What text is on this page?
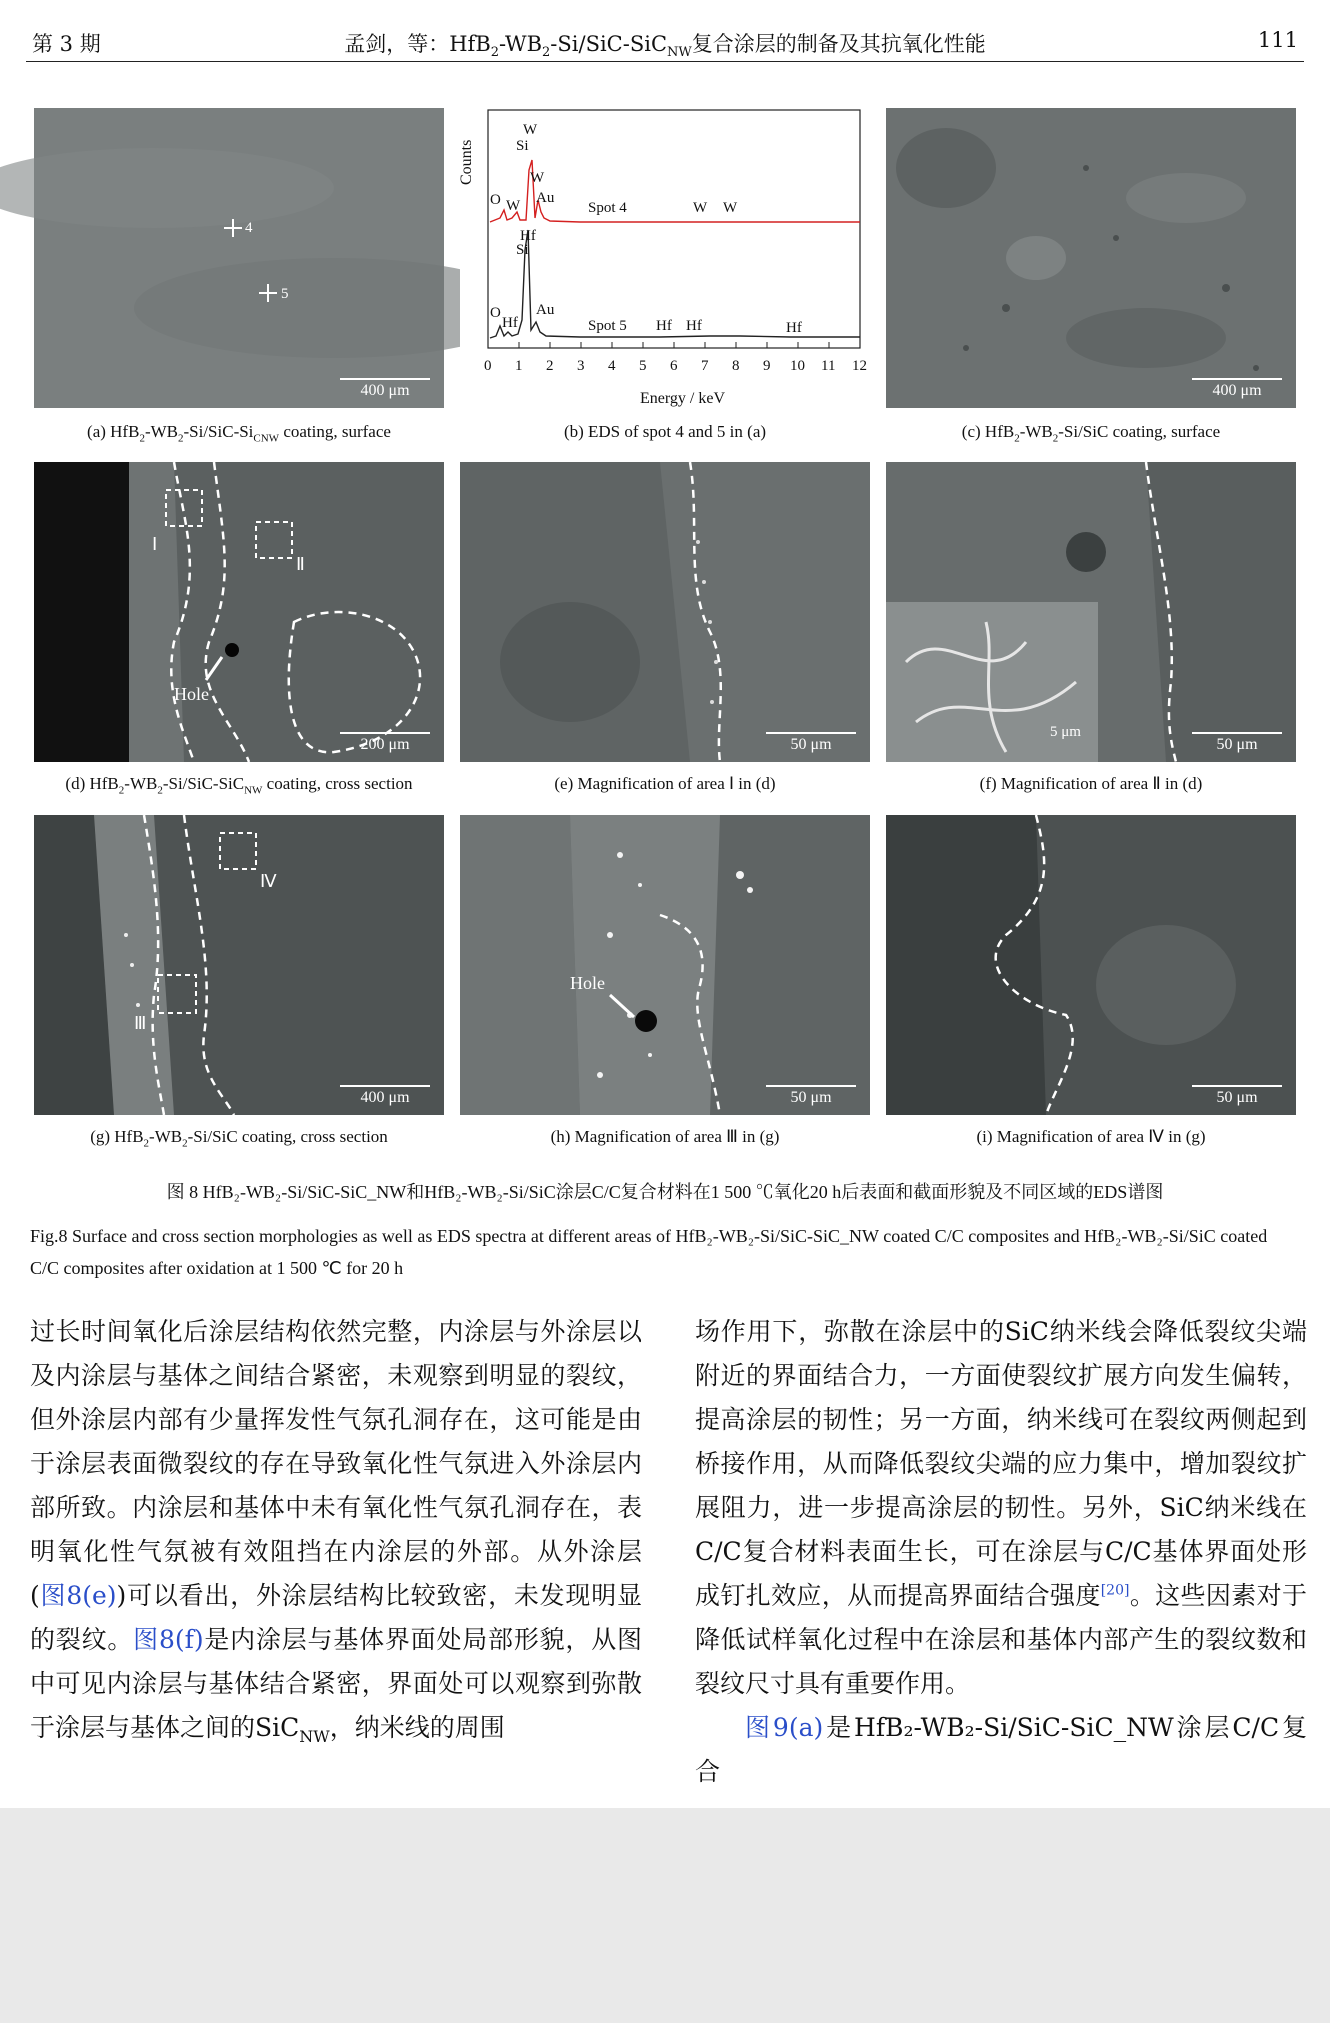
第 3 期	孟剑，等：$HfB_2-WB_2-Si/SiC-SiC_{NW}$复合涂层的制备及其抗氧化性能	111
4
5
400 μm
Counts
W
Si
W
O W Au
Spot 4	W W
Hf
Si
O
Hf
Au
Spot 5 Hf Hf	Hf
0 1 2 3 4 5 6 7 8 9 10 11 12
Energy / keV	400 μm
(a) $HfB_2-WB_2-Si/SiC-Si_{CNW}$ coating, surface	(b) EDS of spot 4 and 5 in (a)	(c) $HfB_2-WB_2-Si$/SiC coating, surface
Ⅰ
Ⅱ
Hole
200 μm	50 μm
5 μm
50 μm
(d) $HfB_2-WB_2-Si/SiC-SiC_{NW}$ coating, cross section	(e) Magnification of area Ⅰ in (d)	(f) Magnification of area Ⅱ in (d)
Ⅳ
Ⅲ
400 μm
Hole
50 μm	50 μm
(g) $HfB_2-WB_2-Si$/SiC coating, cross section	(h) Magnification of area Ⅲ in (g)	(i) Magnification of area Ⅳ in (g)
图 8 HfB₂-WB₂-Si/SiC-SiC_NW和HfB₂-WB₂-Si/SiC涂层C/C复合材料在1 500 ℃氧化20 h后表面和截面形貌及不同区域的EDS谱图
Fig.8 Surface and cross section morphologies as well as EDS spectra at different areas of HfB₂-WB₂-Si/SiC-SiC_NW coated C/C composites and HfB₂-WB₂-Si/SiC coated C/C composites after oxidation at 1 500 ℃ for 20 h

过长时间氧化后涂层结构依然完整，内涂层与外涂层以及内涂层与基体之间结合紧密，未观察到明显的裂纹，但外涂层内部有少量挥发性气氛孔洞存在，这可能是由于涂层表面微裂纹的存在导致氧化性气氛进入外涂层内部所致。内涂层和基体中未有氧化性气氛孔洞存在，表明氧化性气氛被有效阻挡在内涂层的外部。从外涂层 (图8(e))可以看出，外涂层结构比较致密，未发现明显的裂纹。图8(f)是内涂层与基体界面处局部形貌，从图中可见内涂层与基体结合紧密，界面处可以观察到弥散于涂层与基体之间的SiC$_{NW}$，纳米线的周围

场作用下，弥散在涂层中的SiC纳米线会降低裂纹尖端附近的界面结合力，一方面使裂纹扩展方向发生偏转，提高涂层的韧性；另一方面，纳米线可在裂纹两侧起到桥接作用，从而降低裂纹尖端的应力集中，增加裂纹扩展阻力，进一步提高涂层的韧性。另外，SiC纳米线在C/C复合材料表面生长，可在涂层与C/C基体界面处形成钉扎效应，从而提高界面结合强度[20]。这些因素对于降低试样氧化过程中在涂层和基体内部产生的裂纹数和裂纹尺寸具有重要作用。

图9(a)是HfB₂-WB₂-Si/SiC-SiC_NW涂层C/C复合
